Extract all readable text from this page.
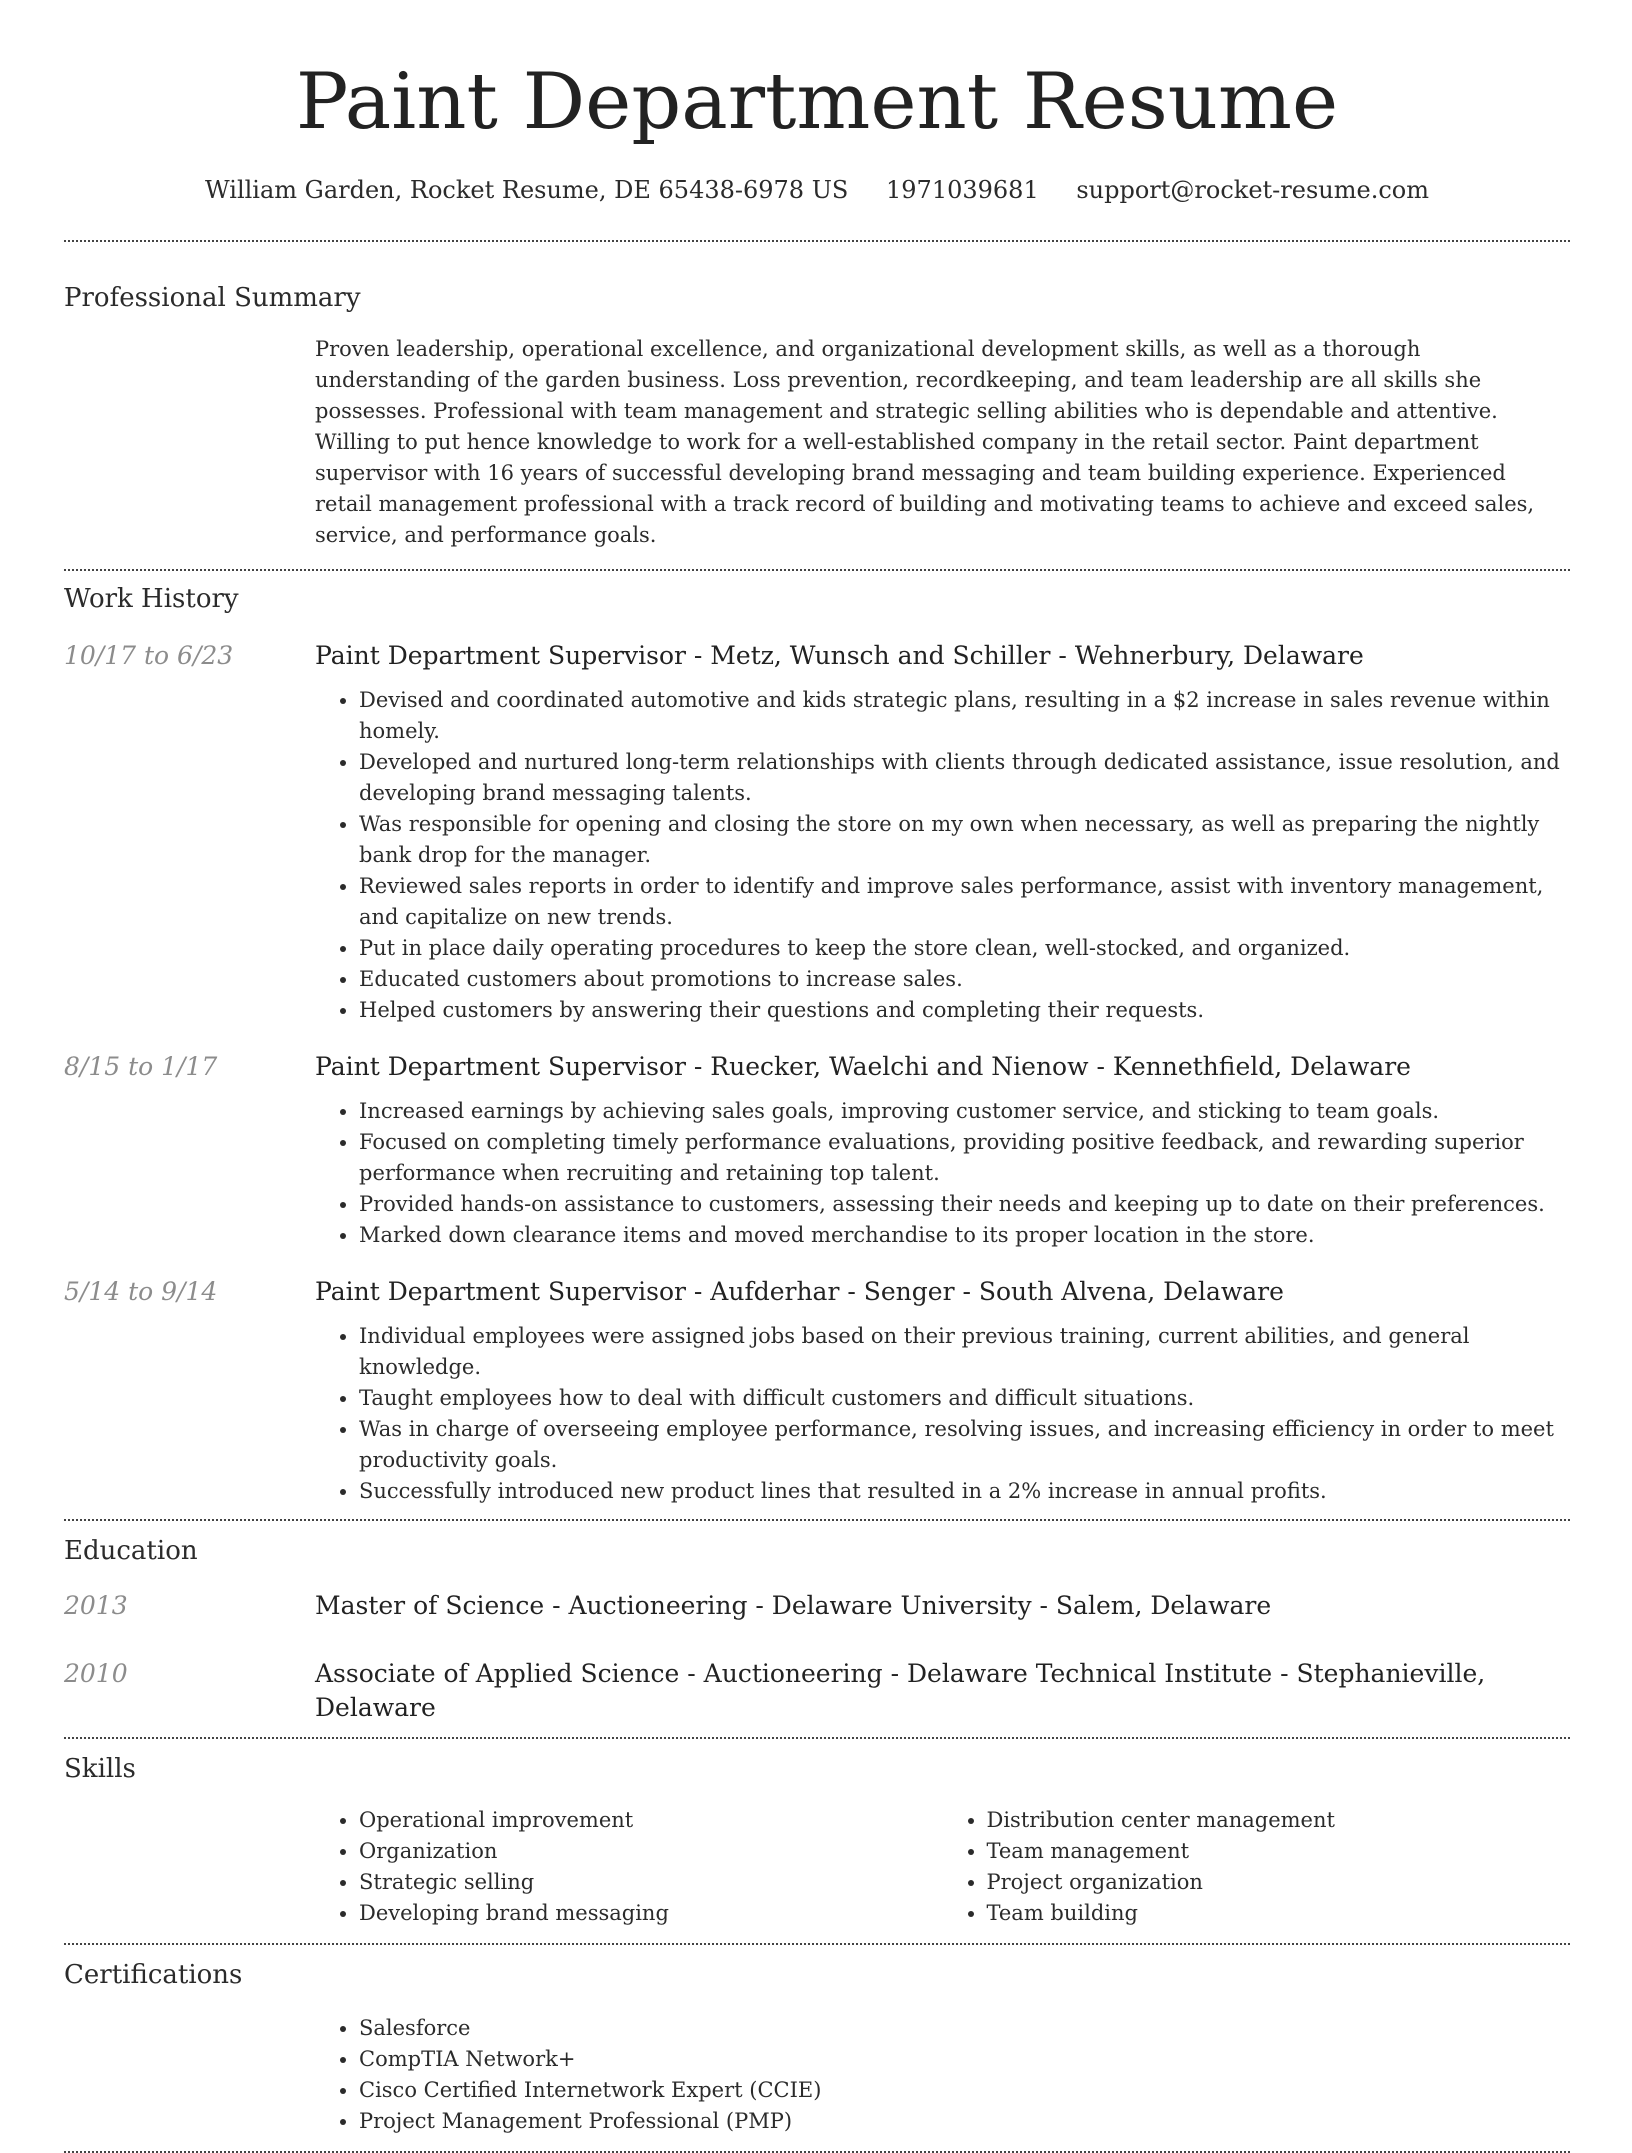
Paint Department Resume
William Garden, Rocket Resume, DE 65438-6978 US 1971039681 support@rocket-resume.com
Professional Summary

Proven leadership, operational excellence, and organizational development skills, as well as a thorough understanding of the garden business. Loss prevention, recordkeeping, and team leadership are all skills she possesses. Professional with team management and strategic selling abilities who is dependable and attentive. Willing to put hence knowledge to work for a well-established company in the retail sector. Paint department supervisor with 16 years of successful developing brand messaging and team building experience. Experienced retail management professional with a track record of building and motivating teams to achieve and exceed sales, service, and performance goals.

Work History
10/17 to 6/23	Paint Department Supervisor - Metz, Wunsch and Schiller - Wehnerbury, Delaware
• Devised and coordinated automotive and kids strategic plans, resulting in a $2 increase in sales revenue within homely.
• Developed and nurtured long-term relationships with clients through dedicated assistance, issue resolution, and developing brand messaging talents.
• Was responsible for opening and closing the store on my own when necessary, as well as preparing the nightly bank drop for the manager.
• Reviewed sales reports in order to identify and improve sales performance, assist with inventory management, and capitalize on new trends.
• Put in place daily operating procedures to keep the store clean, well-stocked, and organized.
• Educated customers about promotions to increase sales.
• Helped customers by answering their questions and completing their requests.
8/15 to 1/17	Paint Department Supervisor - Ruecker, Waelchi and Nienow - Kennethfield, Delaware
• Increased earnings by achieving sales goals, improving customer service, and sticking to team goals.
• Focused on completing timely performance evaluations, providing positive feedback, and rewarding superior performance when recruiting and retaining top talent.
• Provided hands-on assistance to customers, assessing their needs and keeping up to date on their preferences.
• Marked down clearance items and moved merchandise to its proper location in the store.
5/14 to 9/14	Paint Department Supervisor - Aufderhar - Senger - South Alvena, Delaware
• Individual employees were assigned jobs based on their previous training, current abilities, and general knowledge.
• Taught employees how to deal with difficult customers and difficult situations.
• Was in charge of overseeing employee performance, resolving issues, and increasing efficiency in order to meet productivity goals.
• Successfully introduced new product lines that resulted in a 2% increase in annual profits.
Education
2013	Master of Science - Auctioneering - Delaware University - Salem, Delaware
2010	Associate of Applied Science - Auctioneering - Delaware Technical Institute - Stephanieville, Delaware
Skills
• Operational improvement
• Organization
• Strategic selling
• Developing brand messaging
• Distribution center management
• Team management
• Project organization
• Team building
Certifications
• Salesforce
• CompTIA Network+
• Cisco Certified Internetwork Expert (CCIE)
• Project Management Professional (PMP)
